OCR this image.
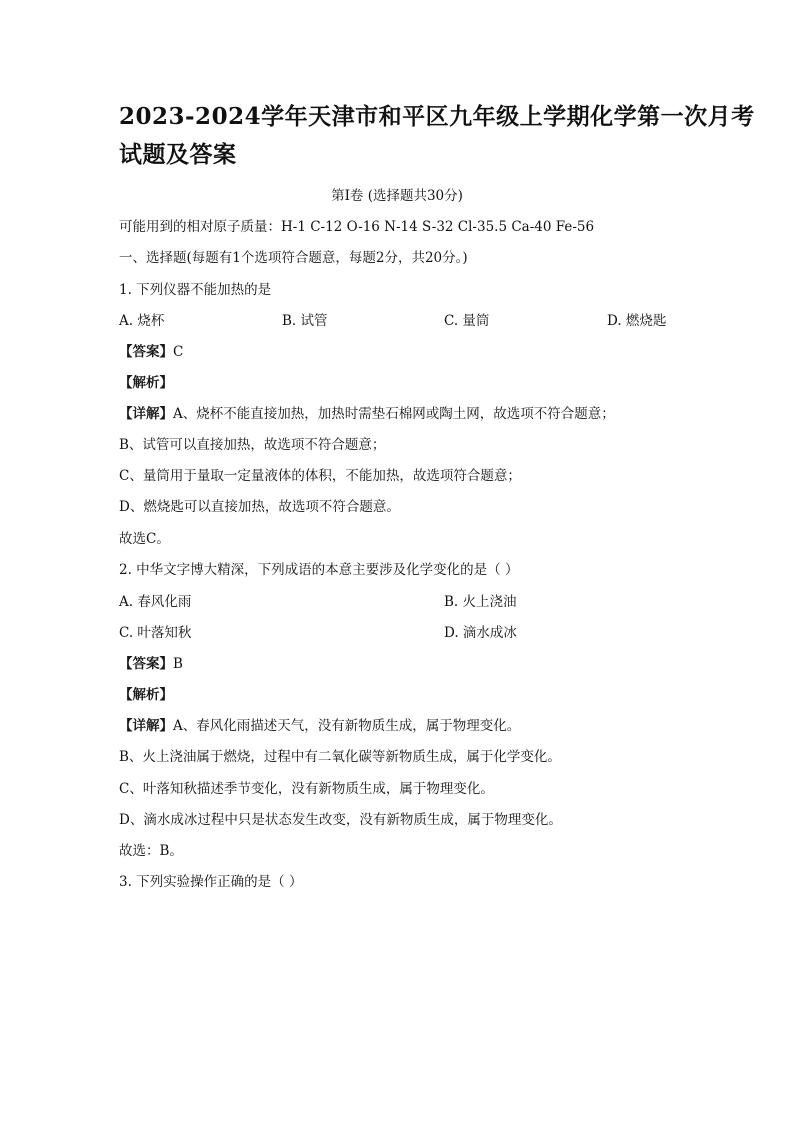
2023-2024学年天津市和平区九年级上学期化学第一次月考
试题及答案
第Ⅰ卷 (选择题共30分)
可能用到的相对原子质量：H-1 C-12 O-16 N-14 S-32 Cl-35.5 Ca-40 Fe-56
一、选择题(每题有1个选项符合题意，每题2分，共20分。)
1. 下列仪器不能加热的是
A. 烧杯	B. 试管	C. 量筒	D. 燃烧匙
【答案】C
【解析】
【详解】A、烧杯不能直接加热，加热时需垫石棉网或陶土网，故选项不符合题意；
B、试管可以直接加热，故选项不符合题意；
C、量筒用于量取一定量液体的体积，不能加热，故选项符合题意；
D、燃烧匙可以直接加热，故选项不符合题意。
故选C。
2. 中华文字博大精深，下列成语的本意主要涉及化学变化的是（ ）
A. 春风化雨	B. 火上浇油
C. 叶落知秋	D. 滴水成冰
【答案】B
【解析】
【详解】A、春风化雨描述天气，没有新物质生成，属于物理变化。
B、火上浇油属于燃烧，过程中有二氧化碳等新物质生成，属于化学变化。
C、叶落知秋描述季节变化，没有新物质生成，属于物理变化。
D、滴水成冰过程中只是状态发生改变，没有新物质生成，属于物理变化。
故选：B。
3. 下列实验操作正确的是（ ）
